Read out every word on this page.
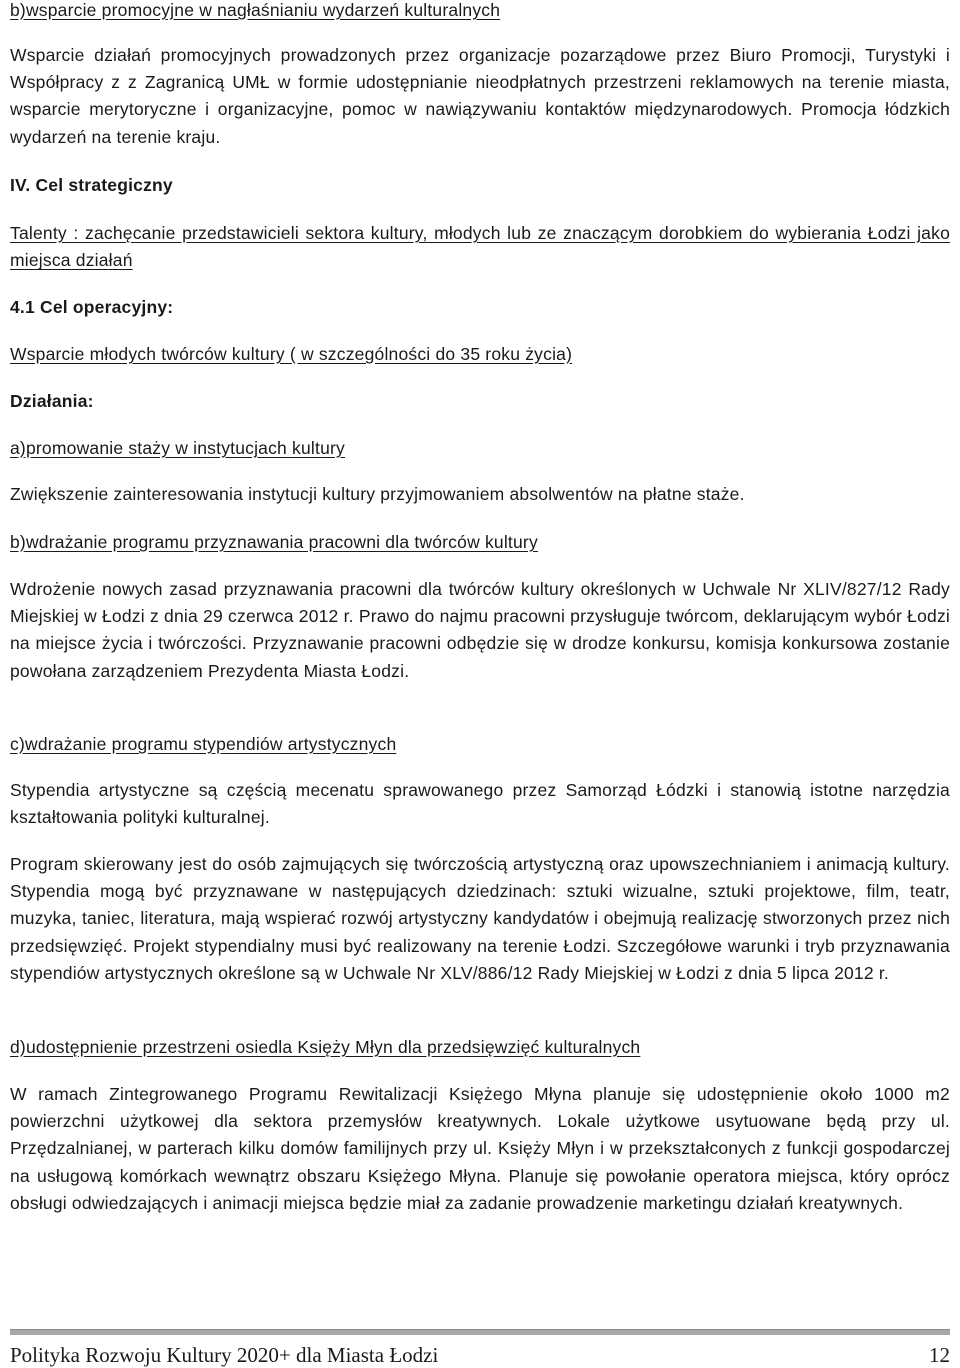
b)wsparcie promocyjne w nagłaśnianiu wydarzeń kulturalnych

Wsparcie działań promocyjnych prowadzonych przez organizacje pozarządowe przez Biuro Promocji, Turystyki i Współpracy z z Zagranicą UMŁ w formie udostępnianie nieodpłatnych przestrzeni reklamowych na terenie miasta, wsparcie merytoryczne i organizacyjne, pomoc w nawiązywaniu kontaktów międzynarodowych. Promocja łódzkich wydarzeń na terenie kraju.

IV. Cel strategiczny

Talenty : zachęcanie przedstawicieli sektora kultury, młodych lub ze znaczącym dorobkiem do wybierania Łodzi jako miejsca działań

4.1 Cel operacyjny:

Wsparcie młodych twórców kultury ( w szczególności do 35 roku życia)

Działania:

a)promowanie staży w instytucjach kultury

Zwiększenie zainteresowania instytucji kultury przyjmowaniem absolwentów na płatne staże.

b)wdrażanie programu przyznawania pracowni dla twórców kultury

Wdrożenie nowych zasad przyznawania pracowni dla twórców kultury określonych w Uchwale Nr XLIV/827/12 Rady Miejskiej w Łodzi z dnia 29 czerwca 2012 r. Prawo do najmu pracowni przysługuje twórcom, deklarującym wybór Łodzi na miejsce życia i twórczości. Przyznawanie pracowni odbędzie się w drodze konkursu, komisja konkursowa zostanie powołana zarządzeniem Prezydenta Miasta Łodzi.

c)wdrażanie programu stypendiów artystycznych

Stypendia artystyczne są częścią mecenatu sprawowanego przez Samorząd Łódzki i stanowią istotne narzędzia kształtowania polityki kulturalnej.

Program skierowany jest do osób zajmujących się twórczością artystyczną oraz upowszechnianiem i animacją kultury. Stypendia mogą być przyznawane w następujących dziedzinach: sztuki wizualne, sztuki projektowe, film, teatr, muzyka, taniec, literatura, mają wspierać rozwój artystyczny kandydatów i obejmują realizację stworzonych przez nich przedsięwzięć. Projekt stypendialny musi być realizowany na terenie Łodzi. Szczegółowe warunki i tryb przyznawania stypendiów artystycznych określone są w Uchwale Nr XLV/886/12 Rady Miejskiej w Łodzi z dnia 5 lipca 2012 r.

d)udostępnienie przestrzeni osiedla Księży Młyn dla przedsięwzięć kulturalnych

W ramach Zintegrowanego Programu Rewitalizacji Księżego Młyna planuje się udostępnienie około 1000 m2 powierzchni użytkowej dla sektora przemysłów kreatywnych. Lokale użytkowe usytuowane będą przy ul. Przędzalnianej, w parterach kilku domów familijnych przy ul. Księży Młyn i w przekształconych z funkcji gospodarczej na usługową komórkach wewnątrz obszaru Księżego Młyna. Planuje się powołanie operatora miejsca, który oprócz obsługi odwiedzających i animacji miejsca będzie miał za zadanie prowadzenie marketingu działań kreatywnych.

Polityka Rozwoju Kultury 2020+ dla Miasta Łodzi	12
